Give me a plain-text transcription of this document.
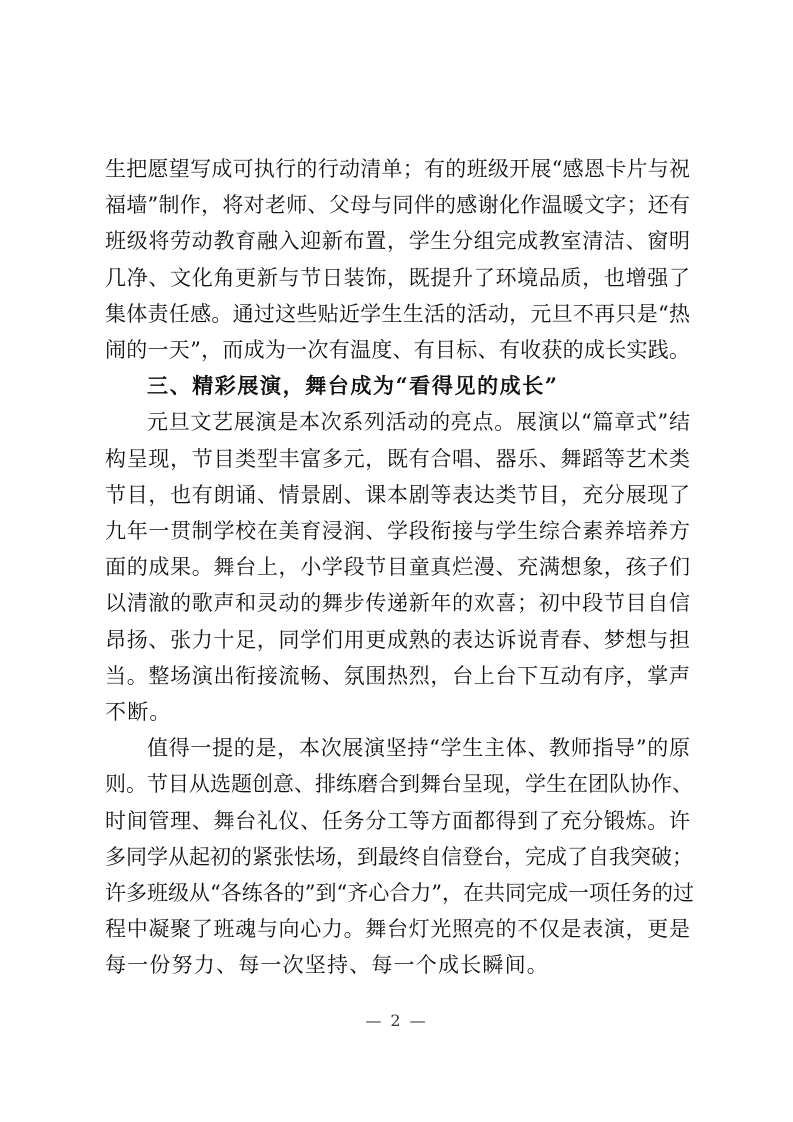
生把愿望写成可执行的行动清单；有的班级开展“感恩卡片与祝
福墙”制作，将对老师、父母与同伴的感谢化作温暖文字；还有
班级将劳动教育融入迎新布置，学生分组完成教室清洁、窗明
几净、文化角更新与节日装饰，既提升了环境品质，也增强了
集体责任感。通过这些贴近学生生活的活动，元旦不再只是“热
闹的一天”，而成为一次有温度、有目标、有收获的成长实践。
三、精彩展演，舞台成为“看得见的成长”
元旦文艺展演是本次系列活动的亮点。展演以“篇章式”结
构呈现，节目类型丰富多元，既有合唱、器乐、舞蹈等艺术类
节目，也有朗诵、情景剧、课本剧等表达类节目，充分展现了
九年一贯制学校在美育浸润、学段衔接与学生综合素养培养方
面的成果。舞台上，小学段节目童真烂漫、充满想象，孩子们
以清澈的歌声和灵动的舞步传递新年的欢喜；初中段节目自信
昂扬、张力十足，同学们用更成熟的表达诉说青春、梦想与担
当。整场演出衔接流畅、氛围热烈，台上台下互动有序，掌声
不断。
值得一提的是，本次展演坚持“学生主体、教师指导”的原
则。节目从选题创意、排练磨合到舞台呈现，学生在团队协作、
时间管理、舞台礼仪、任务分工等方面都得到了充分锻炼。许
多同学从起初的紧张怯场，到最终自信登台，完成了自我突破；
许多班级从“各练各的”到“齐心合力”，在共同完成一项任务的过
程中凝聚了班魂与向心力。舞台灯光照亮的不仅是表演，更是
每一份努力、每一次坚持、每一个成长瞬间。
— 2 —
